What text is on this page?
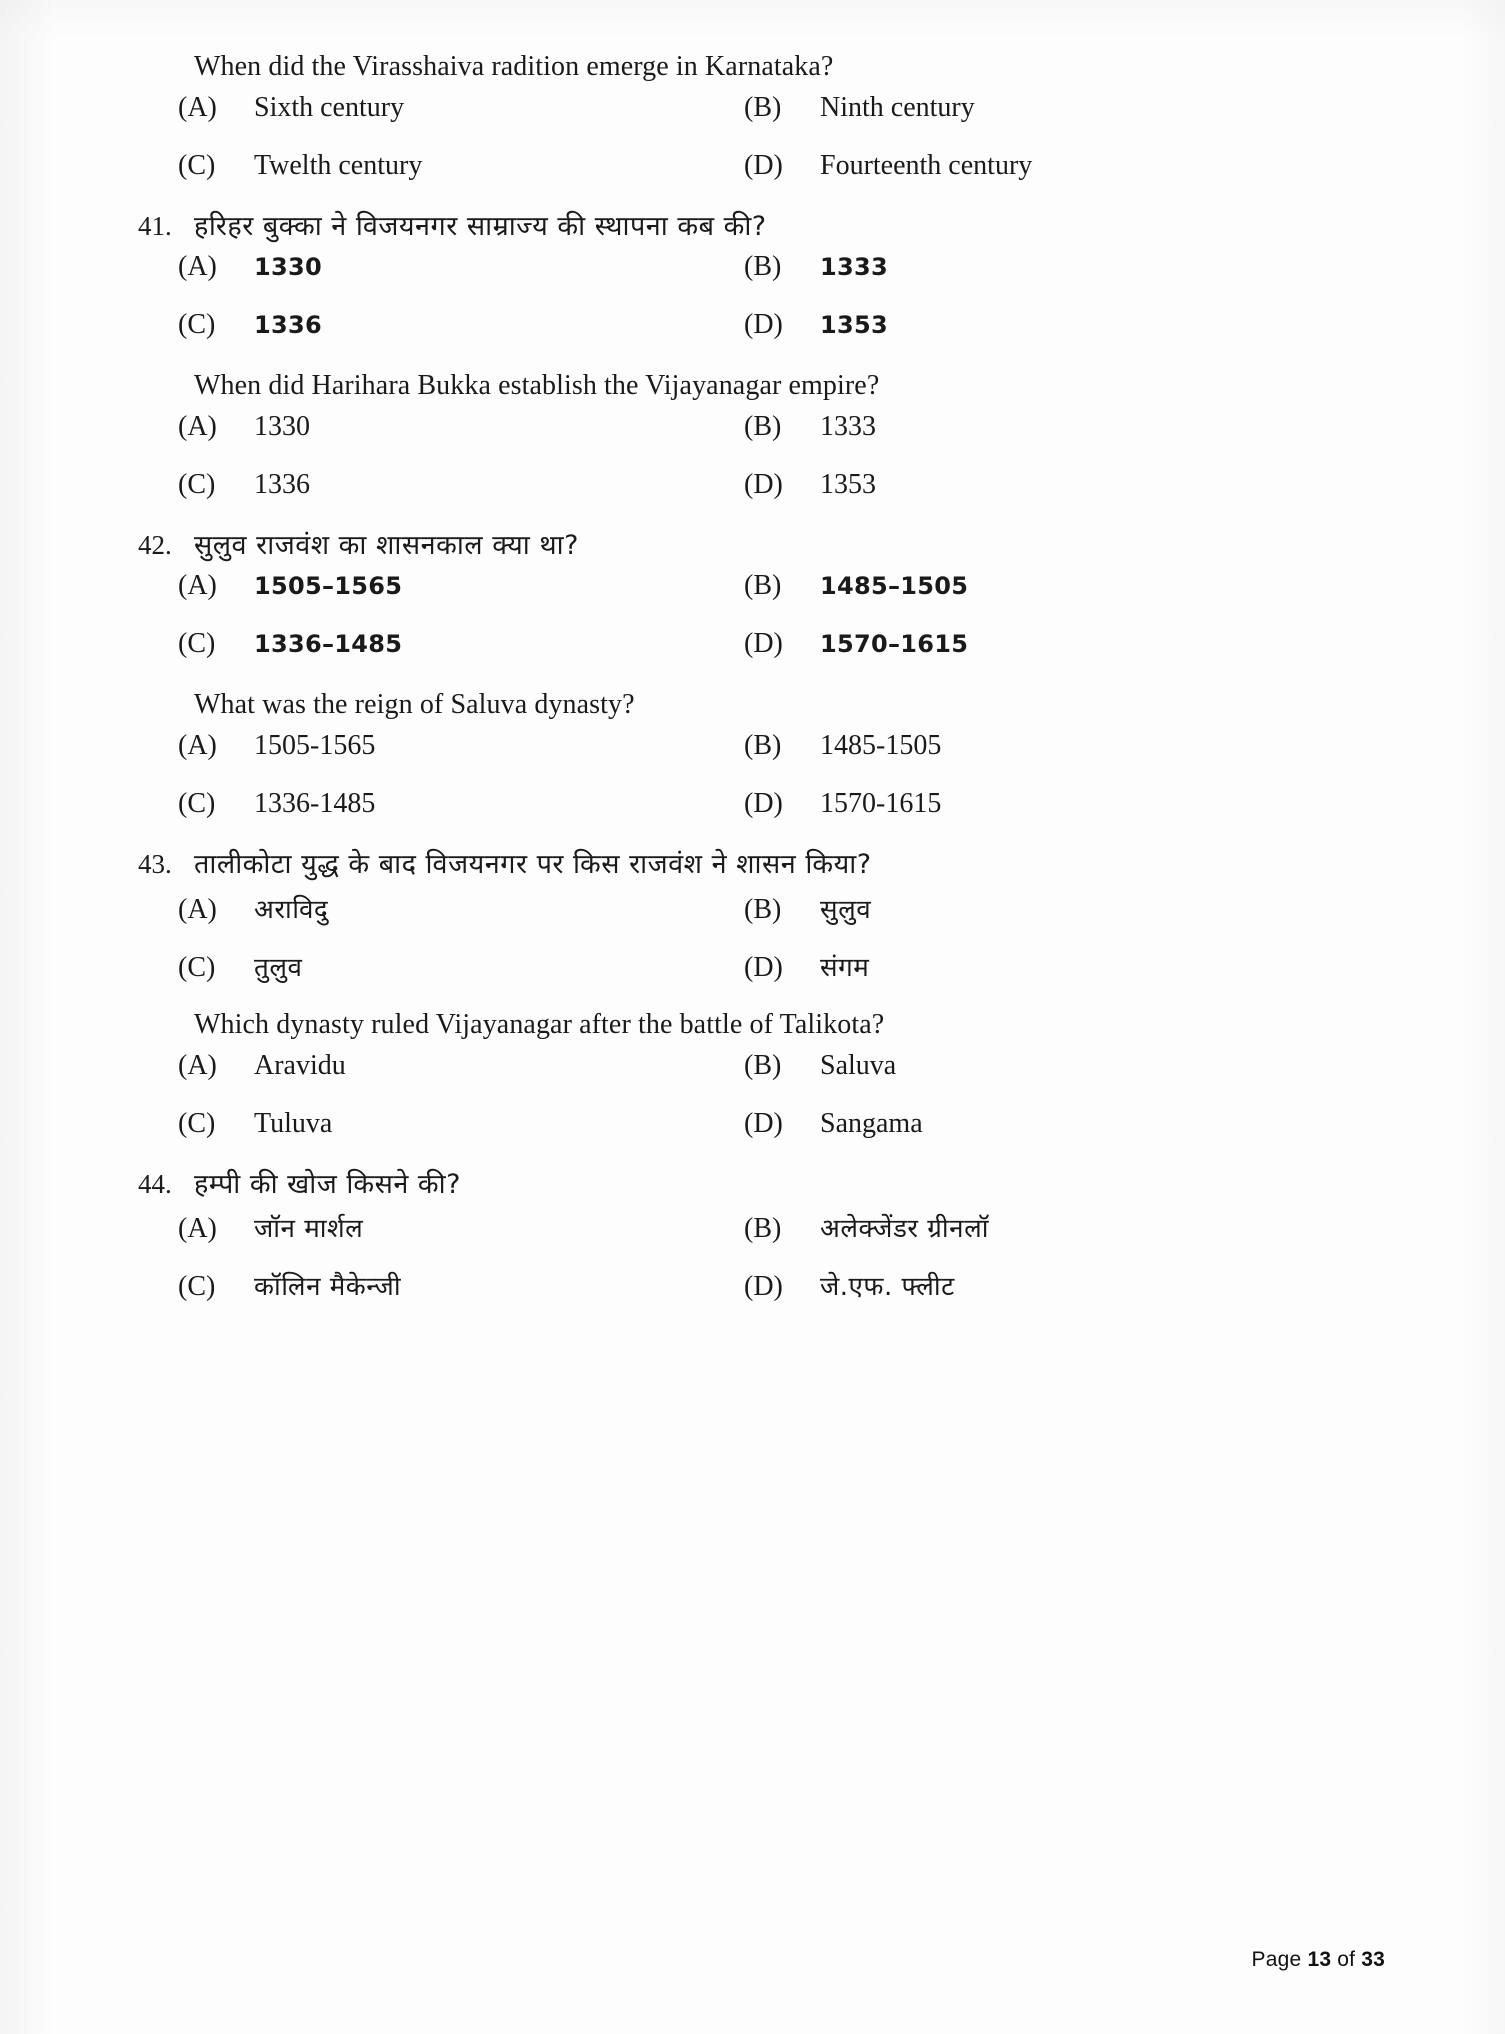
When did the Virasshaiva radition emerge in Karnataka?
(A)	Sixth century	(B)	Ninth century
(C)	Twelth century	(D)	Fourteenth century
41. हरिहर बुक्का ने विजयनगर साम्राज्य की स्थापना कब की?
(A)	1330	(B)	1333
(C)	1336	(D)	1353
When did Harihara Bukka establish the Vijayanagar empire?
(A)	1330	(B)	1333
(C)	1336	(D)	1353
42. सुलुव राजवंश का शासनकाल क्या था?
(A)	1505–1565	(B)	1485–1505
(C)	1336–1485	(D)	1570–1615
What was the reign of Saluva dynasty?
(A)	1505-1565	(B)	1485-1505
(C)	1336-1485	(D)	1570-1615
43. तालीकोटा युद्ध के बाद विजयनगर पर किस राजवंश ने शासन किया?
(A)	अराविदु	(B)	सुलुव
(C)	तुलुव	(D)	संगम
Which dynasty ruled Vijayanagar after the battle of Talikota?
(A)	Aravidu	(B)	Saluva
(C)	Tuluva	(D)	Sangama
44. हम्पी की खोज किसने की?
(A)	जॉन मार्शल	(B)	अलेक्जेंडर ग्रीनलॉ
(C)	कॉलिन मैकेन्जी	(D)	जे.एफ. फ्लीट
Page 13 of 33
